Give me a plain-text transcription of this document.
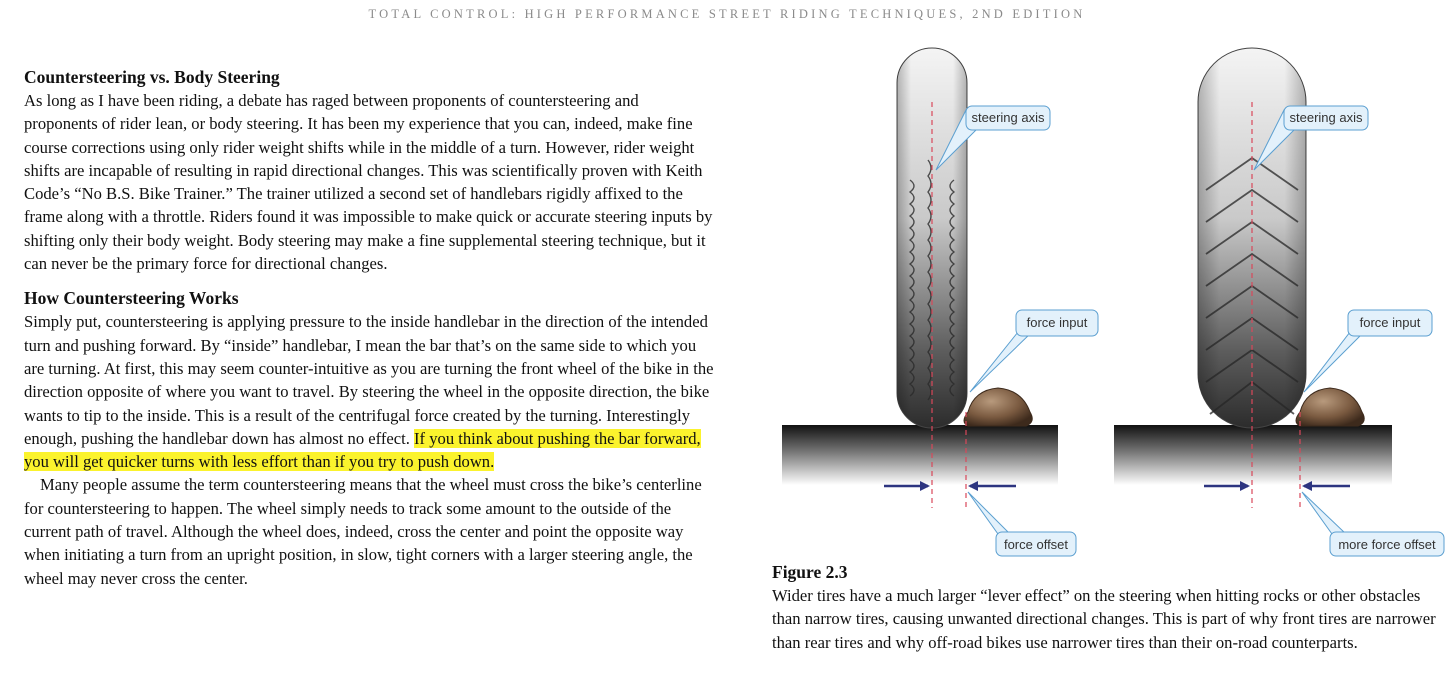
TOTAL CONTROL: HIGH PERFORMANCE STREET RIDING TECHNIQUES, 2ND EDITION
Countersteering vs. Body Steering

As long as I have been riding, a debate has raged between proponents of countersteering and proponents of rider lean, or body steering. It has been my experience that you can, indeed, make fine course corrections using only rider weight shifts while in the middle of a turn. However, rider weight shifts are incapable of resulting in rapid directional changes. This was scientifically proven with Keith Code’s “No B.S. Bike Trainer.” The trainer utilized a second set of handlebars rigidly affixed to the frame along with a throttle. Riders found it was impossible to make quick or accurate steering inputs by shifting only their body weight. Body steering may make a fine supplemental steering technique, but it can never be the primary force for directional changes.

How Countersteering Works

Simply put, countersteering is applying pressure to the inside handlebar in the direction of the intended turn and pushing forward. By “inside” handlebar, I mean the bar that’s on the same side to which you are turning. At first, this may seem counter-intuitive as you are turning the front wheel of the bike in the direction opposite of where you want to travel. By steering the wheel in the opposite direction, the bike wants to tip to the inside. This is a result of the centrifugal force created by the turning. Interestingly enough, pushing the handlebar down has almost no effect. If you think about pushing the bar forward, you will get quicker turns with less effort than if you try to push down.

Many people assume the term countersteering means that the wheel must cross the bike’s centerline for countersteering to happen. The wheel simply needs to track some amount to the outside of the current path of travel. Although the wheel does, indeed, cross the center and point the opposite way when initiating a turn from an upright position, in slow, tight corners with a larger steering angle, the wheel may never cross the center.

steering axis
force input
force offset
steering axis
force input
more force offset
Figure 2.3
Wider tires have a much larger “lever effect” on the steering when hitting rocks or other obstacles than narrow tires, causing unwanted directional changes. This is part of why front tires are narrower than rear tires and why off-road bikes use narrower tires than their on-road counterparts.
